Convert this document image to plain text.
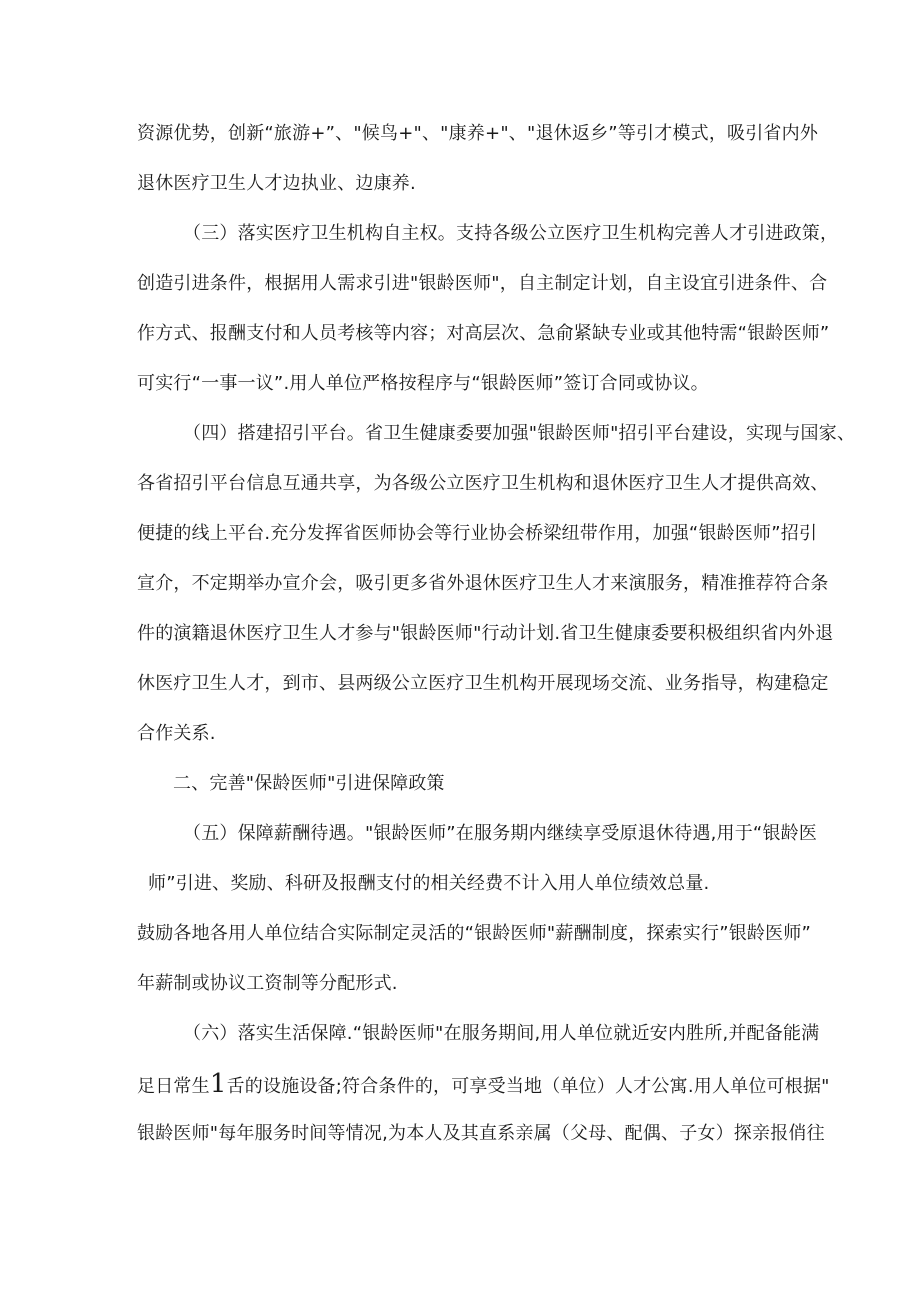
资源优势，创新“旅游+”、"候鸟+"、"康养+"、"退休返乡”等引才模式，吸引省内外
退休医疗卫生人才边执业、边康养.
（三）落实医疗卫生机构自主权。支持各级公立医疗卫生机构完善人才引进政策，
创造引进条件，根据用人需求引进"银龄医师"，自主制定计划，自主设宜引进条件、合
作方式、报酬支付和人员考核等内容；对高层次、急俞紧缺专业或其他特需“银龄医师”
可实行“一事一议”.用人单位严格按程序与“银龄医师”签订合同或协议。
（四）搭建招引平台。省卫生健康委要加强"银龄医师"招引平台建设，实现与国家、
各省招引平台信息互通共享，为各级公立医疗卫生机构和退休医疗卫生人才提供高效、
便捷的线上平台.充分发挥省医师协会等行业协会桥梁纽带作用，加强“银龄医师”招引
宣介，不定期举办宣介会，吸引更多省外退休医疗卫生人才来演服务，精准推荐符合条
件的演籍退休医疗卫生人才参与"银龄医师"行动计划.省卫生健康委要积极组织省内外退
休医疗卫生人才，到市、县两级公立医疗卫生机构开展现场交流、业务指导，构建稳定
合作关系.
二、完善"保龄医师"引进保障政策
（五）保障薪酬待遇。"银龄医师”在服务期内继续享受原退休待遇,用于“银龄医
师”引进、奖励、科研及报酬支付的相关经费不计入用人单位绩效总量.
鼓励各地各用人单位结合实际制定灵活的“银龄医师"薪酬制度，探索实行”银龄医师”
年薪制或协议工资制等分配形式.
（六）落实生活保障.“银龄医师"在服务期间,用人单位就近安内胜所,并配备能满
足日常生1舌的设施设备;符合条件的，可享受当地（单位）人才公寓.用人单位可根据"
银龄医师"每年服务时间等情况,为本人及其直系亲属（父母、配偶、子女）探亲报俏往
